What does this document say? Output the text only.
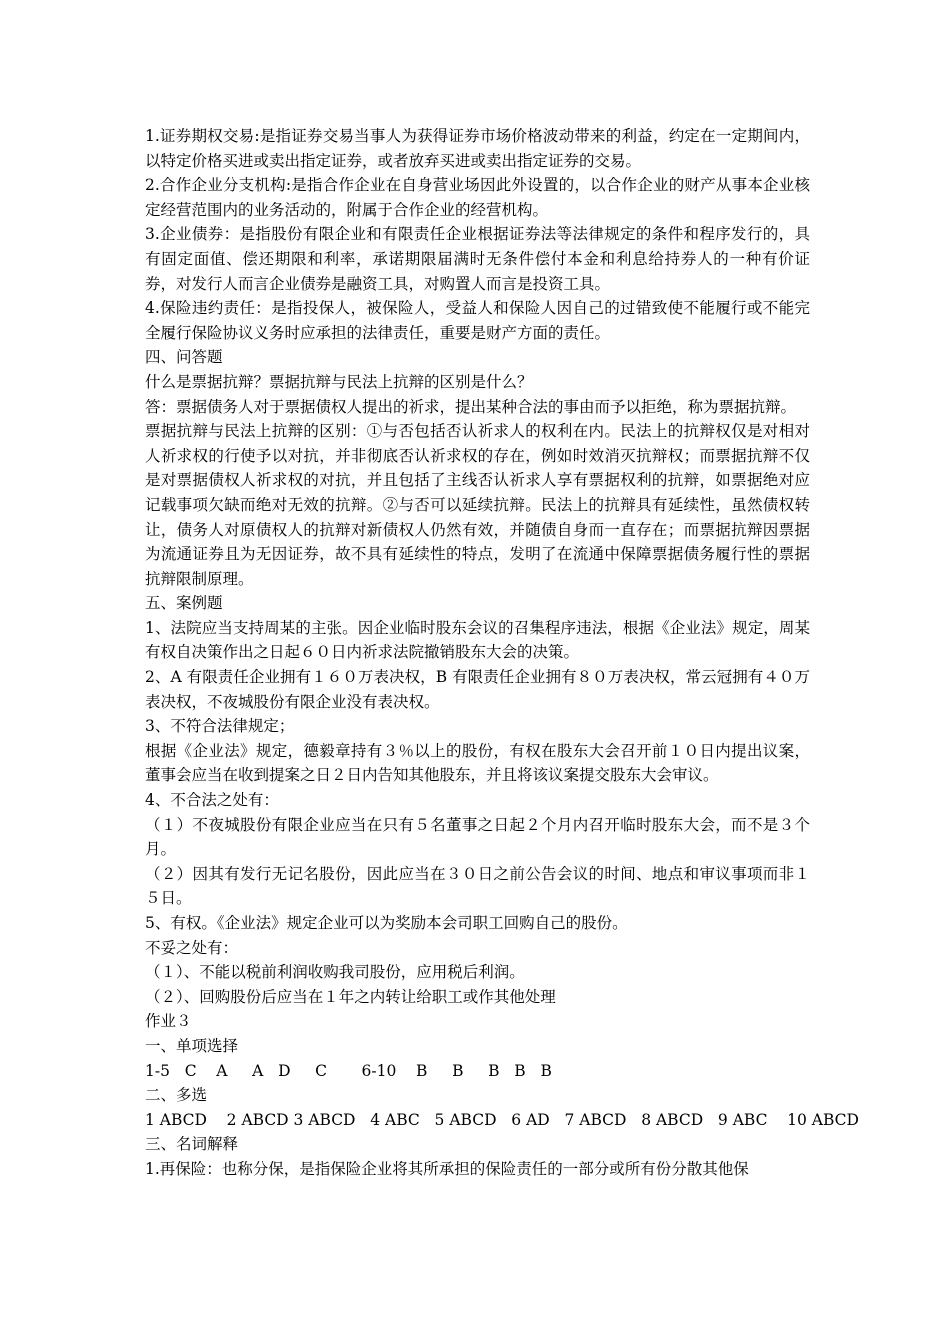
1.证券期权交易:是指证券交易当事人为获得证券市场价格波动带来的利益，约定在一定期间内，以特定价格买进或卖出指定证券，或者放弃买进或卖出指定证券的交易。

2.合作企业分支机构:是指合作企业在自身营业场因此外设置的，以合作企业的财产从事本企业核定经营范围内的业务活动的，附属于合作企业的经营机构。

3.企业债券：是指股份有限企业和有限责任企业根据证券法等法律规定的条件和程序发行的，具有固定面值、偿还期限和利率，承诺期限届满时无条件偿付本金和利息给持券人的一种有价证券，对发行人而言企业债券是融资工具，对购置人而言是投资工具。

4.保险违约责任：是指投保人，被保险人，受益人和保险人因自己的过错致使不能履行或不能完全履行保险协议义务时应承担的法律责任，重要是财产方面的责任。

四、问答题

什么是票据抗辩？票据抗辩与民法上抗辩的区别是什么？

答：票据债务人对于票据债权人提出的祈求，提出某种合法的事由而予以拒绝，称为票据抗辩。

票据抗辩与民法上抗辩的区别：①与否包括否认祈求人的权利在内。民法上的抗辩权仅是对相对人祈求权的行使予以对抗，并非彻底否认祈求权的存在，例如时效消灭抗辩权；而票据抗辩不仅是对票据债权人祈求权的对抗，并且包括了主线否认祈求人享有票据权利的抗辩，如票据绝对应记载事项欠缺而绝对无效的抗辩。②与否可以延续抗辩。民法上的抗辩具有延续性，虽然债权转让，债务人对原债权人的抗辩对新债权人仍然有效，并随债自身而一直存在；而票据抗辩因票据为流通证券且为无因证券，故不具有延续性的特点，发明了在流通中保障票据债务履行性的票据抗辩限制原理。

五、案例题

1、法院应当支持周某的主张。因企业临时股东会议的召集程序违法，根据《企业法》规定，周某有权自决策作出之日起６０日内祈求法院撤销股东大会的决策。

2、A 有限责任企业拥有１６０万表决权，B 有限责任企业拥有８０万表决权，常云冠拥有４０万表决权，不夜城股份有限企业没有表决权。

3、不符合法律规定；

根据《企业法》规定，德毅章持有３％以上的股份，有权在股东大会召开前１０日内提出议案，董事会应当在收到提案之日２日内告知其他股东，并且将该议案提交股东大会审议。

4、不合法之处有：

（１）不夜城股份有限企业应当在只有５名董事之日起２个月内召开临时股东大会，而不是３个月。

（２）因其有发行无记名股份，因此应当在３０日之前公告会议的时间、地点和审议事项而非１５日。

5、有权。《企业法》规定企业可以为奖励本会司职工回购自己的股份。

不妥之处有：

（１）、不能以税前利润收购我司股份，应用税后利润。

（２）、回购股份后应当在１年之内转让给职工或作其他处理

作业３

一、单项选择

1-5   C    A     A   D     C       6-10    B     B     B   B   B

二、多选

1 ABCD    2 ABCD 3 ABCD   4 ABC   5 ABCD   6 AD   7 ABCD   8 ABCD   9 ABC    10 ABCD

三、名词解释

1.再保险：也称分保，是指保险企业将其所承担的保险责任的一部分或所有份分散其他保
